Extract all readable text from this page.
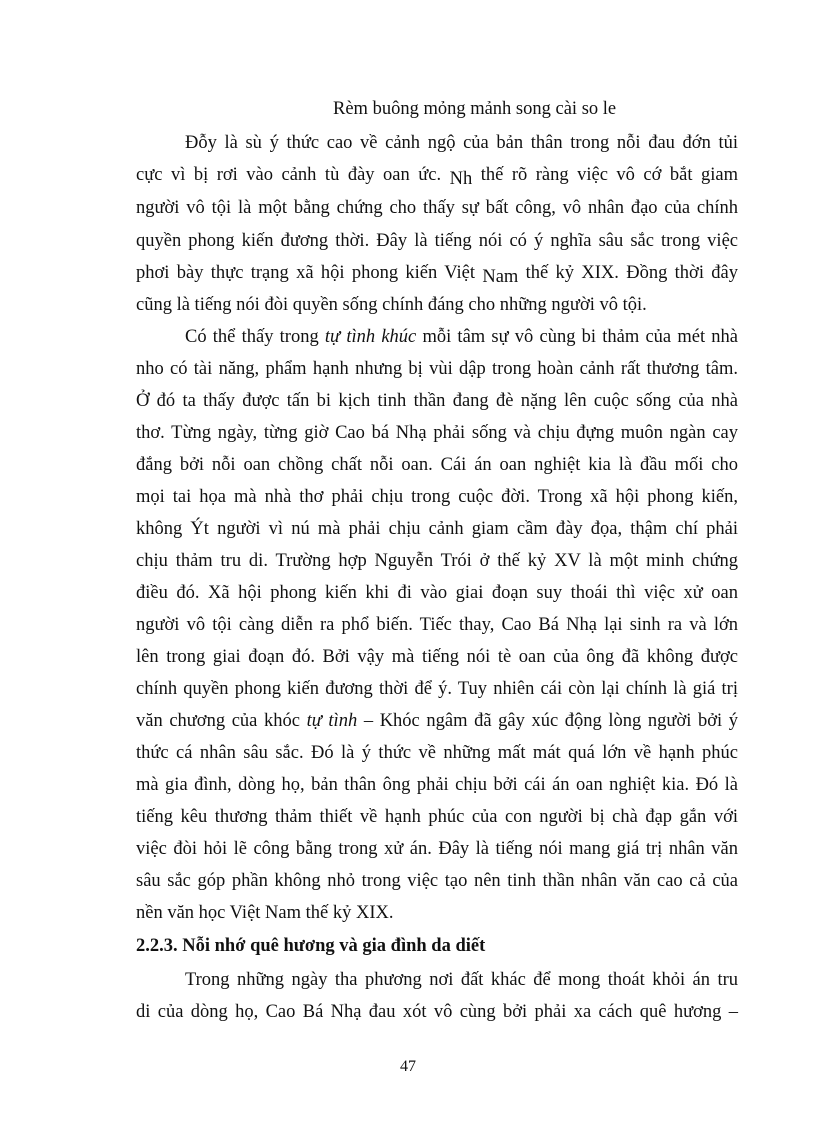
Rèm buông mỏng mảnh song cài so le
Đỗy là sù ý thức cao về cảnh ngộ của bản thân trong nỗi đau đớn tủi
cực vì bị rơi vào cảnh tù đày oan ức. Nh thế rõ ràng việc vô cớ bắt giam
người vô tội là một bằng chứng cho thấy sự bất công, vô nhân đạo của chính
quyền phong kiến đương thời. Đây là tiếng nói có ý nghĩa sâu sắc trong việc
phơi bày thực trạng xã hội phong kiến Việt Nam thế kỷ XIX. Đồng thời đây
cũng là tiếng nói đòi quyền sống chính đáng cho những người vô tội.
Có thể thấy trong tự tình khúc mỗi tâm sự vô cùng bi thảm của mét nhà
nho có tài năng, phẩm hạnh nhưng bị vùi dập trong hoàn cảnh rất thương tâm.
Ở đó ta thấy được tấn bi kịch tinh thần đang đè nặng lên cuộc sống của nhà
thơ. Từng ngày, từng giờ Cao bá Nhạ phải sống và chịu đựng muôn ngàn cay
đắng bởi nỗi oan chồng chất nỗi oan. Cái án oan nghiệt kia là đầu mối cho
mọi tai họa mà nhà thơ phải chịu trong cuộc đời. Trong xã hội phong kiến,
không Ýt người vì nú mà phải chịu cảnh giam cầm đày đọa, thậm chí phải
chịu thảm tru di. Trường hợp Nguyễn Trói ở thế kỷ XV là một minh chứng
điều đó. Xã hội phong kiến khi đi vào giai đoạn suy thoái thì việc xử oan
người vô tội càng diễn ra phổ biến. Tiếc thay, Cao Bá Nhạ lại sinh ra và lớn
lên trong giai đoạn đó. Bởi vậy mà tiếng nói tè oan của ông đã không được
chính quyền phong kiến đương thời để ý. Tuy nhiên cái còn lại chính là giá trị
văn chương của khóc tự tình – Khóc ngâm đã gây xúc động lòng người bởi ý
thức cá nhân sâu sắc. Đó là ý thức về những mất mát quá lớn về hạnh phúc
mà gia đình, dòng họ, bản thân ông phải chịu bởi cái án oan nghiệt kia. Đó là
tiếng kêu thương thảm thiết về hạnh phúc của con người bị chà đạp gắn với
việc đòi hỏi lẽ công bằng trong xử án. Đây là tiếng nói mang giá trị nhân văn
sâu sắc góp phần không nhỏ trong việc tạo nên tinh thần nhân văn cao cả của
nền văn học Việt Nam thế kỷ XIX.
2.2.3. Nỗi nhớ quê hương và gia đình da diết
Trong những ngày tha phương nơi đất khác để mong thoát khỏi án tru
di của dòng họ, Cao Bá Nhạ đau xót vô cùng bởi phải xa cách quê hương –
47
